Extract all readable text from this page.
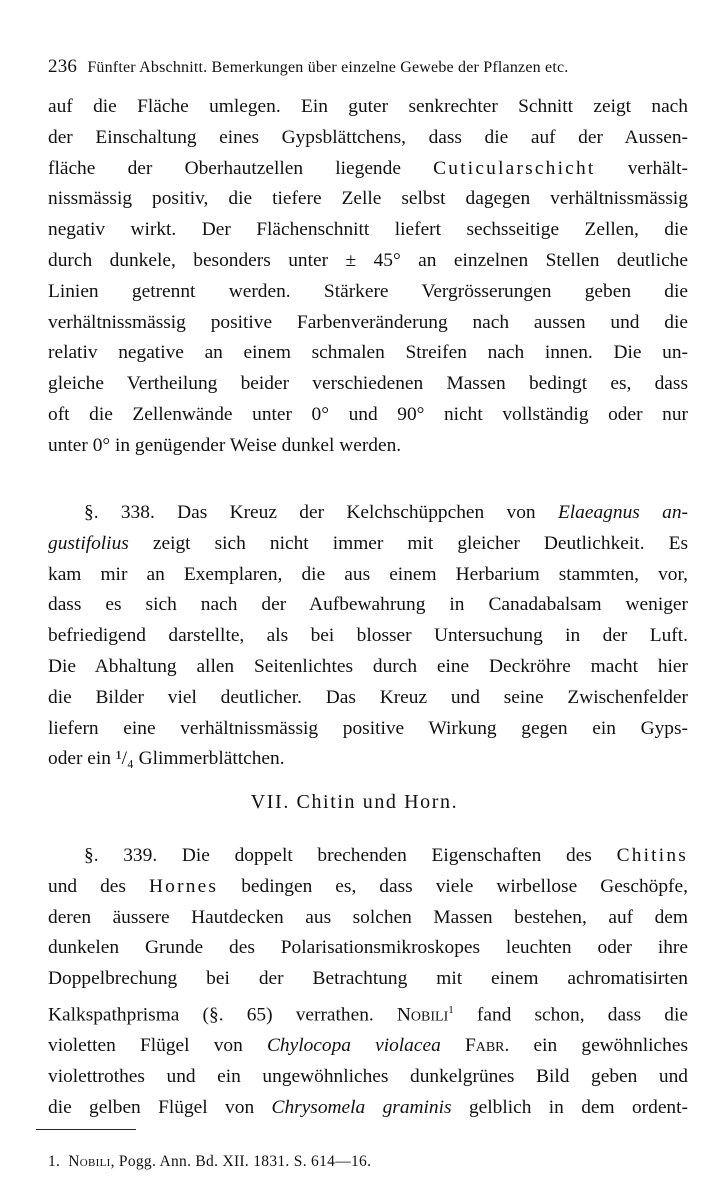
236 Fünfter Abschnitt. Bemerkungen über einzelne Gewebe der Pflanzen etc.
auf die Fläche umlegen. Ein guter senkrechter Schnitt zeigt nach
der Einschaltung eines Gypsblättchens, dass die auf der Aussen-
fläche der Oberhautzellen liegende Cuticularschicht verhält-
nissmässig positiv, die tiefere Zelle selbst dagegen verhältnissmässig
negativ wirkt. Der Flächenschnitt liefert sechsseitige Zellen, die
durch dunkele, besonders unter ± 45° an einzelnen Stellen deutliche
Linien getrennt werden. Stärkere Vergrösserungen geben die
verhältnissmässig positive Farbenveränderung nach aussen und die
relativ negative an einem schmalen Streifen nach innen. Die un-
gleiche Vertheilung beider verschiedenen Massen bedingt es, dass
oft die Zellenwände unter 0° und 90° nicht vollständig oder nur
unter 0° in genügender Weise dunkel werden.
§. 338. Das Kreuz der Kelchschüppchen von Elaeagnus an-
gustifolius zeigt sich nicht immer mit gleicher Deutlichkeit. Es
kam mir an Exemplaren, die aus einem Herbarium stammten, vor,
dass es sich nach der Aufbewahrung in Canadabalsam weniger
befriedigend darstellte, als bei blosser Untersuchung in der Luft.
Die Abhaltung allen Seitenlichtes durch eine Deckröhre macht hier
die Bilder viel deutlicher. Das Kreuz und seine Zwischenfelder
liefern eine verhältnissmässig positive Wirkung gegen ein Gyps-
oder ein ¹/₄ Glimmerblättchen.
VII. Chitin und Horn.
§. 339. Die doppelt brechenden Eigenschaften des Chitins
und des Hornes bedingen es, dass viele wirbellose Geschöpfe,
deren äussere Hautdecken aus solchen Massen bestehen, auf dem
dunkelen Grunde des Polarisationsmikroskopes leuchten oder ihre
Doppelbrechung bei der Betrachtung mit einem achromatisirten
Kalkspathprisma (§. 65) verrathen. Nobili$^1$ fand schon, dass die
violetten Flügel von Chylocopa violacea Fabr. ein gewöhnliches
violettrothes und ein ungewöhnliches dunkelgrünes Bild geben und
die gelben Flügel von Chrysomela graminis gelblich in dem ordent-
1. Nobili, Pogg. Ann. Bd. XII. 1831. S. 614—16.
